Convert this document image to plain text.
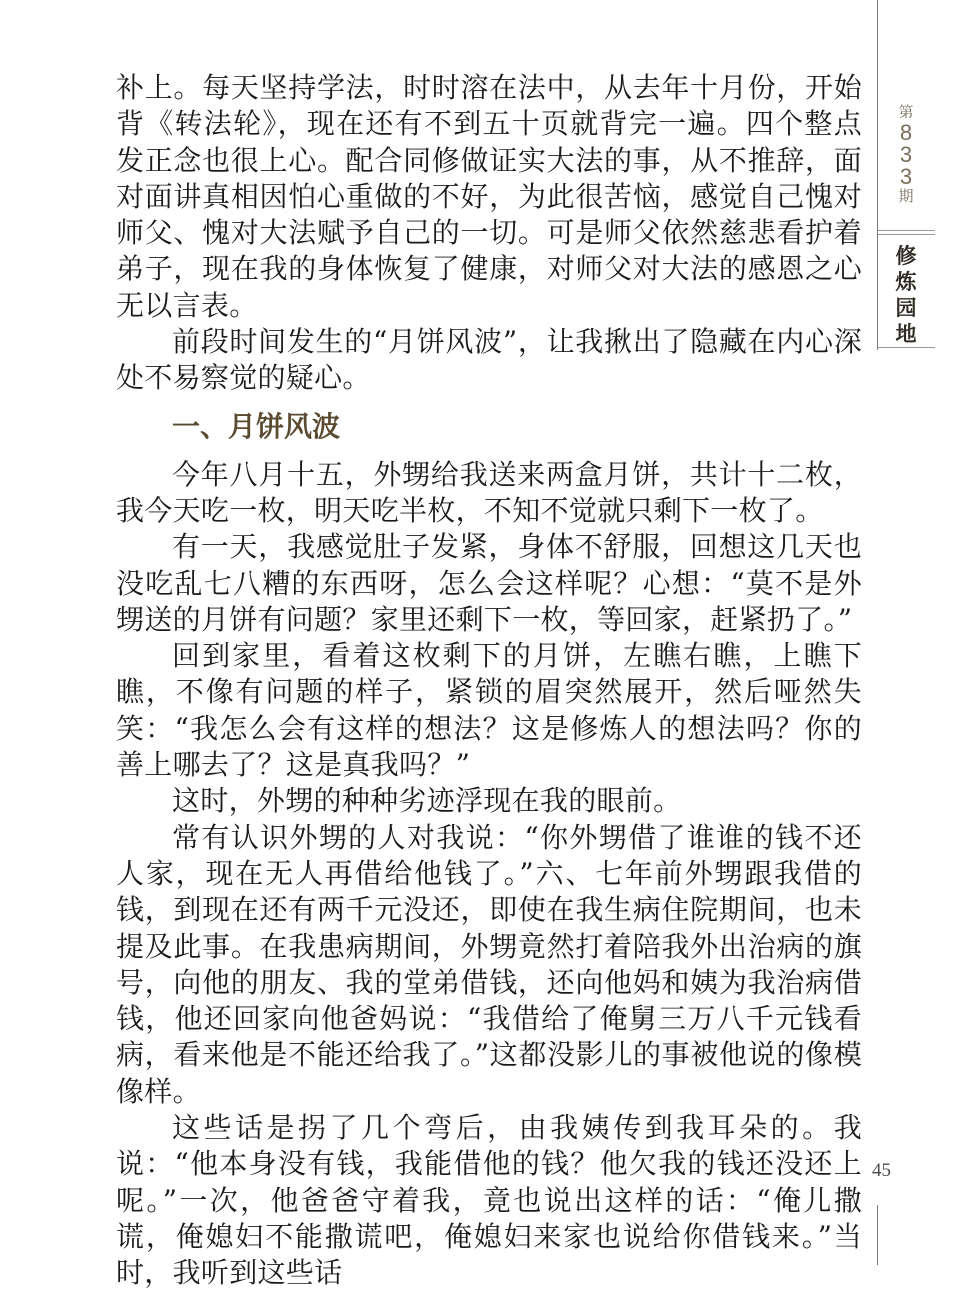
补上。每天坚持学法，时时溶在法中，从去年十月份，开始背《转法轮》，现在还有不到五十页就背完一遍。四个整点发正念也很上心。配合同修做证实大法的事，从不推辞，面对面讲真相因怕心重做的不好，为此很苦恼，感觉自己愧对师父、愧对大法赋予自己的一切。可是师父依然慈悲看护着弟子，现在我的身体恢复了健康，对师父对大法的感恩之心无以言表。

前段时间发生的“月饼风波”，让我揪出了隐藏在内心深处不易察觉的疑心。

一、月饼风波

今年八月十五，外甥给我送来两盒月饼，共计十二枚，我今天吃一枚，明天吃半枚，不知不觉就只剩下一枚了。

有一天，我感觉肚子发紧，身体不舒服，回想这几天也没吃乱七八糟的东西呀，怎么会这样呢？心想：“莫不是外甥送的月饼有问题？家里还剩下一枚，等回家，赶紧扔了。”

回到家里，看着这枚剩下的月饼，左瞧右瞧，上瞧下瞧，不像有问题的样子，紧锁的眉突然展开，然后哑然失笑：“我怎么会有这样的想法？这是修炼人的想法吗？你的善上哪去了？这是真我吗？”

这时，外甥的种种劣迹浮现在我的眼前。

常有认识外甥的人对我说：“你外甥借了谁谁的钱不还人家，现在无人再借给他钱了。”六、七年前外甥跟我借的钱，到现在还有两千元没还，即使在我生病住院期间，也未提及此事。在我患病期间，外甥竟然打着陪我外出治病的旗号，向他的朋友、我的堂弟借钱，还向他妈和姨为我治病借钱，他还回家向他爸妈说：“我借给了俺舅三万八千元钱看病，看来他是不能还给我了。”这都没影儿的事被他说的像模像样。

这些话是拐了几个弯后，由我姨传到我耳朵的。我说：“他本身没有钱，我能借他的钱？他欠我的钱还没还上呢。”一次，他爸爸守着我，竟也说出这样的话：“俺儿撒谎，俺媳妇不能撒谎吧，俺媳妇来家也说给你借钱来。”当时，我听到这些话

第
8
3
3
期
修
炼
园
地
45
